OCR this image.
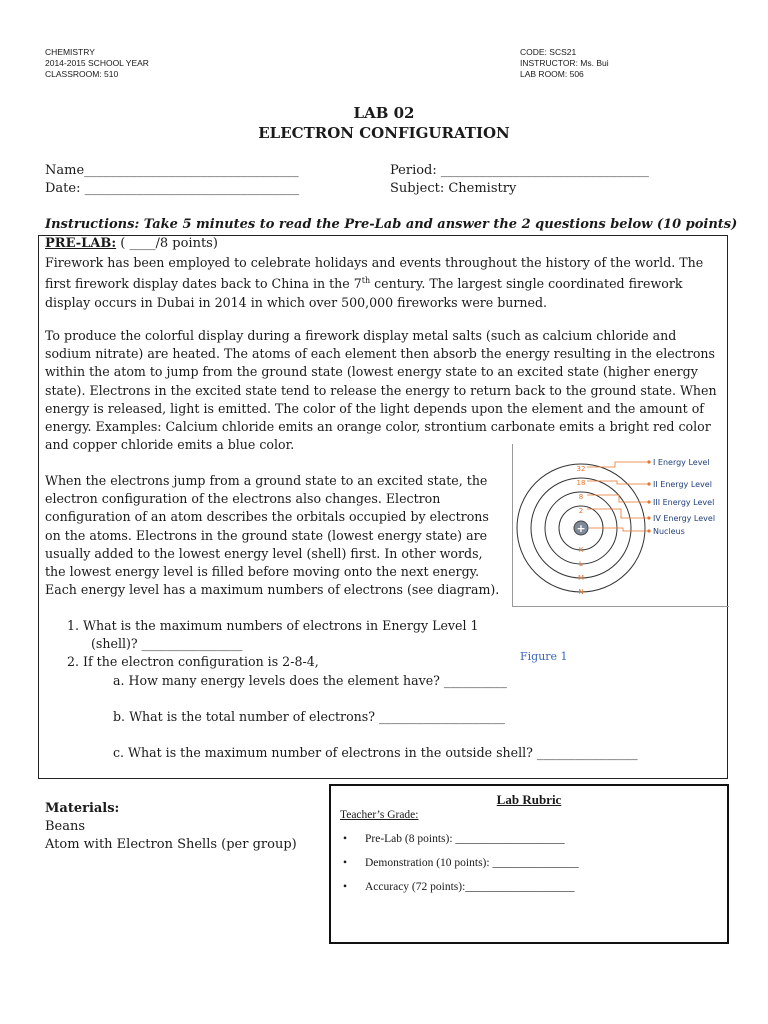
CHEMISTRY
2014-2015 SCHOOL YEAR
CLASSROOM: 510
CODE: SCS21
INSTRUCTOR: Ms. Bui
LAB ROOM: 506
LAB 02
ELECTRON CONFIGURATION
Name_________________________________
Date: _________________________________
Period: ________________________________
Subject: Chemistry
Instructions: Take 5 minutes to read the Pre-Lab and answer the 2 questions below (10 points)
PRE-LAB: ( ____/8 points)

Firework has been employed to celebrate holidays and events throughout the history of the world. The first firework display dates back to China in the 7th century. The largest single coordinated firework display occurs in Dubai in 2014 in which over 500,000 fireworks were burned.

To produce the colorful display during a firework display metal salts (such as calcium chloride and sodium nitrate) are heated. The atoms of each element then absorb the energy resulting in the electrons within the atom to jump from the ground state (lowest energy state to an excited state (higher energy state). Electrons in the excited state tend to release the energy to return back to the ground state. When energy is released, light is emitted. The color of the light depends upon the element and the amount of energy. Examples: Calcium chloride emits an orange color, strontium carbonate emits a bright red color and copper chloride emits a blue color.

When the electrons jump from a ground state to an excited state, the electron configuration of the electrons also changes. Electron configuration of an atom describes the orbitals occupied by electrons on the atoms. Electrons in the ground state (lowest energy state) are usually added to the lowest energy level (shell) first. In other words, the lowest energy level is filled before moving onto the next energy. Each energy level has a maximum numbers of electrons (see diagram).

+
32
18
8
2
K
L
M
N
I Energy Level
II Energy Level
III Energy Level
IV Energy Level
Nucleus
Figure 1
1. What is the maximum numbers of electrons in Energy Level 1
(shell)? ________________
2. If the electron configuration is 2-8-4,
a. How many energy levels does the element have? __________
b. What is the total number of electrons? ____________________
c. What is the maximum number of electrons in the outside shell? ________________
Materials:
Beans
Atom with Electron Shells (per group)
Lab Rubric
Teacher’s Grade:
• Pre-Lab (8 points): ___________________
• Demonstration (10 points): _______________
• Accuracy (72 points):___________________
